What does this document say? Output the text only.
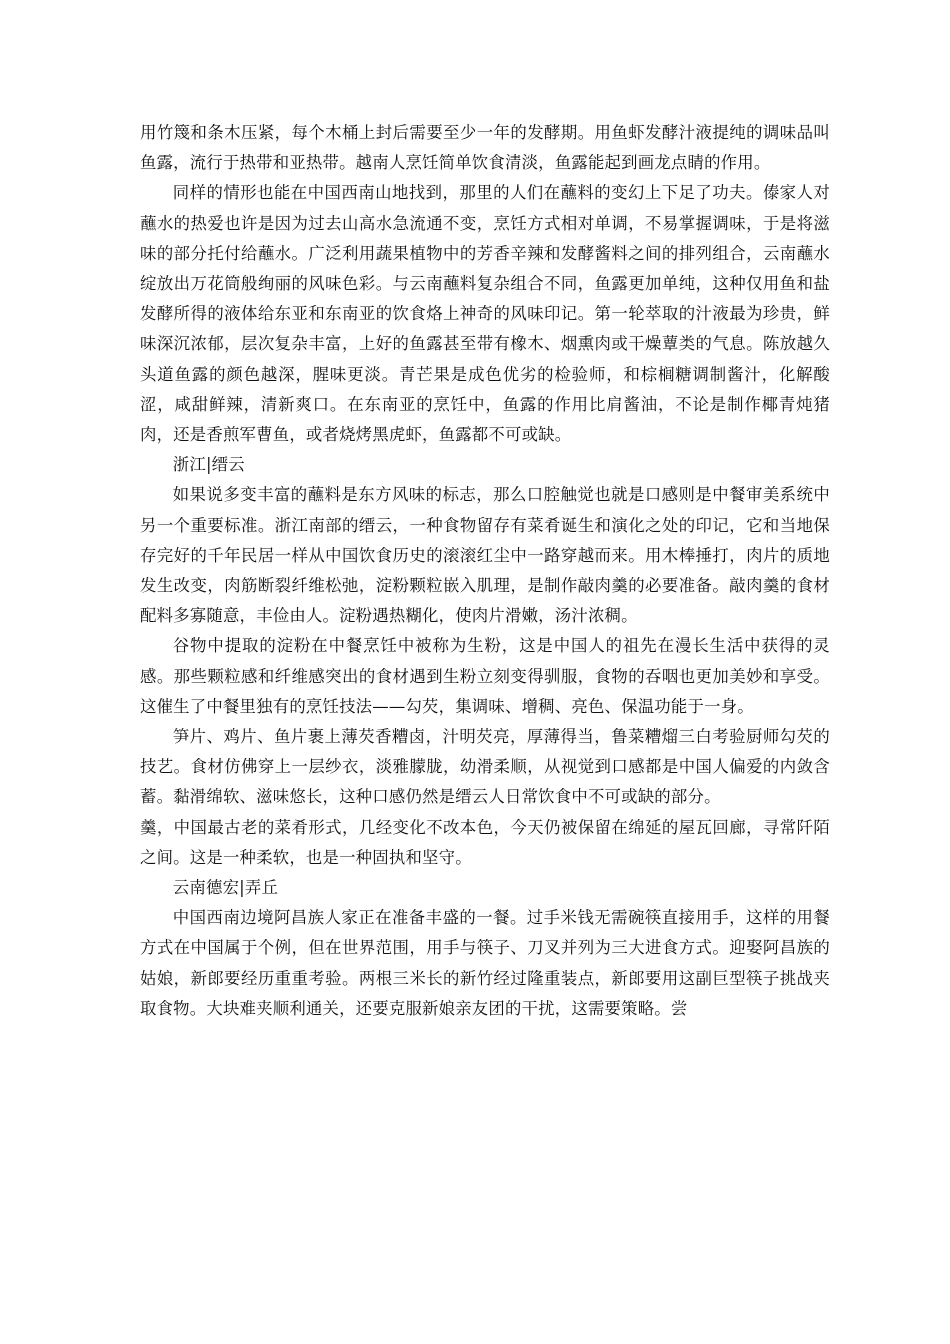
用竹篾和条木压紧，每个木桶上封后需要至少一年的发酵期。用鱼虾发酵汁液提纯的调味品叫鱼露，流行于热带和亚热带。越南人烹饪简单饮食清淡，鱼露能起到画龙点睛的作用。

同样的情形也能在中国西南山地找到，那里的人们在蘸料的变幻上下足了功夫。傣家人对蘸水的热爱也许是因为过去山高水急流通不变，烹饪方式相对单调，不易掌握调味，于是将滋味的部分托付给蘸水。广泛利用蔬果植物中的芳香辛辣和发酵酱料之间的排列组合，云南蘸水绽放出万花筒般绚丽的风味色彩。与云南蘸料复杂组合不同，鱼露更加单纯，这种仅用鱼和盐发酵所得的液体给东亚和东南亚的饮食烙上神奇的风味印记。第一轮萃取的汁液最为珍贵，鲜味深沉浓郁，层次复杂丰富，上好的鱼露甚至带有橡木、烟熏肉或干燥蕈类的气息。陈放越久头道鱼露的颜色越深，腥味更淡。青芒果是成色优劣的检验师，和棕榈糖调制酱汁，化解酸涩，咸甜鲜辣，清新爽口。在东南亚的烹饪中，鱼露的作用比肩酱油，不论是制作椰青炖猪肉，还是香煎军曹鱼，或者烧烤黑虎虾，鱼露都不可或缺。

浙江|缙云

如果说多变丰富的蘸料是东方风味的标志，那么口腔触觉也就是口感则是中餐审美系统中另一个重要标准。浙江南部的缙云，一种食物留存有菜肴诞生和演化之处的印记，它和当地保存完好的千年民居一样从中国饮食历史的滚滚红尘中一路穿越而来。用木棒捶打，肉片的质地发生改变，肉筋断裂纤维松弛，淀粉颗粒嵌入肌理，是制作敲肉羹的必要准备。敲肉羹的食材配料多寡随意，丰俭由人。淀粉遇热糊化，使肉片滑嫩，汤汁浓稠。

谷物中提取的淀粉在中餐烹饪中被称为生粉，这是中国人的祖先在漫长生活中获得的灵感。那些颗粒感和纤维感突出的食材遇到生粉立刻变得驯服，食物的吞咽也更加美妙和享受。这催生了中餐里独有的烹饪技法——勾芡，集调味、增稠、亮色、保温功能于一身。

笋片、鸡片、鱼片裹上薄芡香糟卤，汁明芡亮，厚薄得当，鲁菜糟熘三白考验厨师勾芡的技艺。食材仿佛穿上一层纱衣，淡雅朦胧，幼滑柔顺，从视觉到口感都是中国人偏爱的内敛含蓄。黏滑绵软、滋味悠长，这种口感仍然是缙云人日常饮食中不可或缺的部分。

羹，中国最古老的菜肴形式，几经变化不改本色，今天仍被保留在绵延的屋瓦回廊，寻常阡陌之间。这是一种柔软，也是一种固执和坚守。

云南德宏|弄丘

中国西南边境阿昌族人家正在准备丰盛的一餐。过手米钱无需碗筷直接用手，这样的用餐方式在中国属于个例，但在世界范围，用手与筷子、刀叉并列为三大进食方式。迎娶阿昌族的姑娘，新郎要经历重重考验。两根三米长的新竹经过隆重装点，新郎要用这副巨型筷子挑战夹取食物。大块难夹顺利通关，还要克服新娘亲友团的干扰，这需要策略。尝
